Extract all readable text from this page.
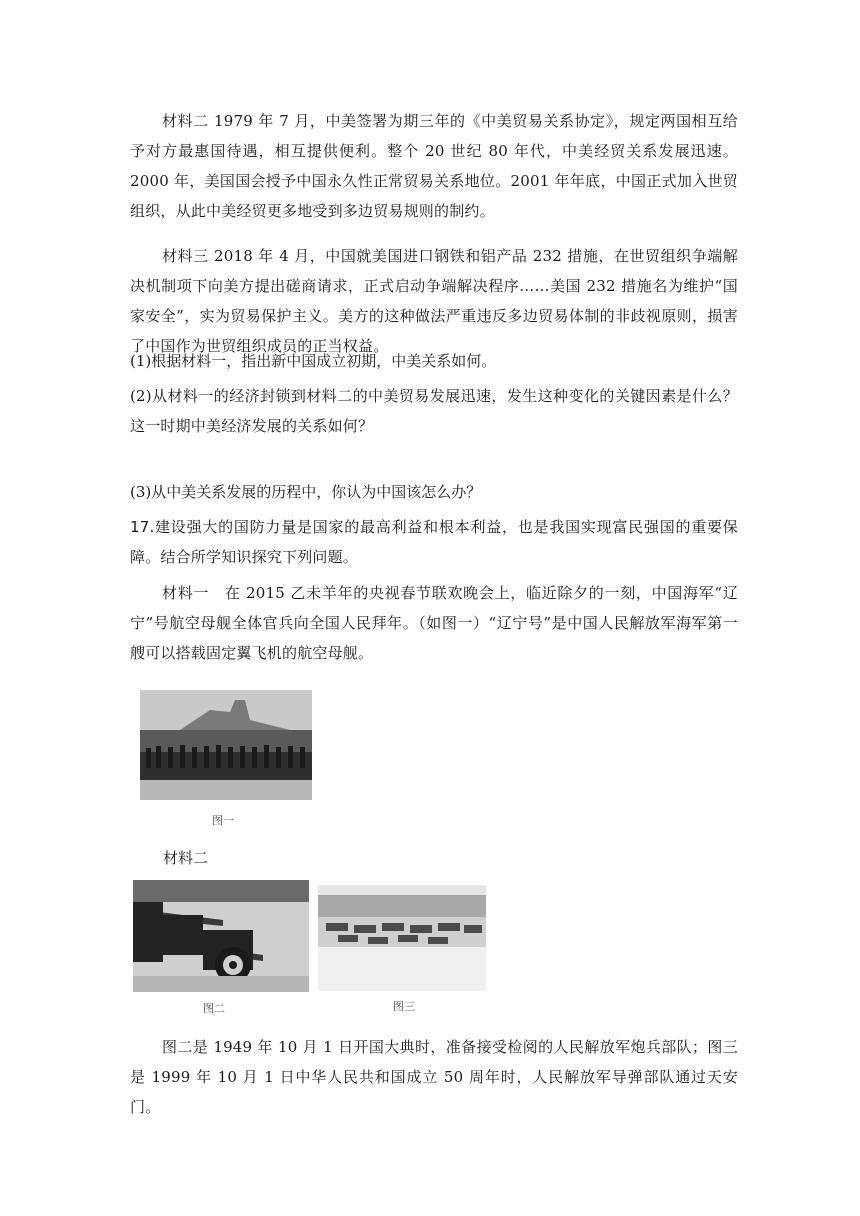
材料二 1979 年 7 月，中美签署为期三年的《中美贸易关系协定》，规定两国相互给予对方最惠国待遇，相互提供便利。整个 20 世纪 80 年代，中美经贸关系发展迅速。2000 年，美国国会授予中国永久性正常贸易关系地位。2001 年年底，中国正式加入世贸组织，从此中美经贸更多地受到多边贸易规则的制约。

材料三 2018 年 4 月，中国就美国进口钢铁和铝产品 232 措施，在世贸组织争端解决机制项下向美方提出磋商请求，正式启动争端解决程序……美国 232 措施名为维护“国家安全”，实为贸易保护主义。美方的这种做法严重违反多边贸易体制的非歧视原则，损害了中国作为世贸组织成员的正当权益。

(1)根据材料一，指出新中国成立初期，中美关系如何。

(2)从材料一的经济封锁到材料二的中美贸易发展迅速，发生这种变化的关键因素是什么？这一时期中美经济发展的关系如何？

(3)从中美关系发展的历程中，你认为中国该怎么办？

17.建设强大的国防力量是国家的最高利益和根本利益，也是我国实现富民强国的重要保障。结合所学知识探究下列问题。

材料一　在 2015 乙未羊年的央视春节联欢晚会上，临近除夕的一刻，中国海军“辽宁”号航空母舰全体官兵向全国人民拜年。（如图一）“辽宁号”是中国人民解放军海军第一艘可以搭载固定翼飞机的航空母舰。

图一

材料二

图二	图三

图二是 1949 年 10 月 1 日开国大典时，准备接受检阅的人民解放军炮兵部队；图三是 1999 年 10 月 1 日中华人民共和国成立 50 周年时，人民解放军导弹部队通过天安门。
